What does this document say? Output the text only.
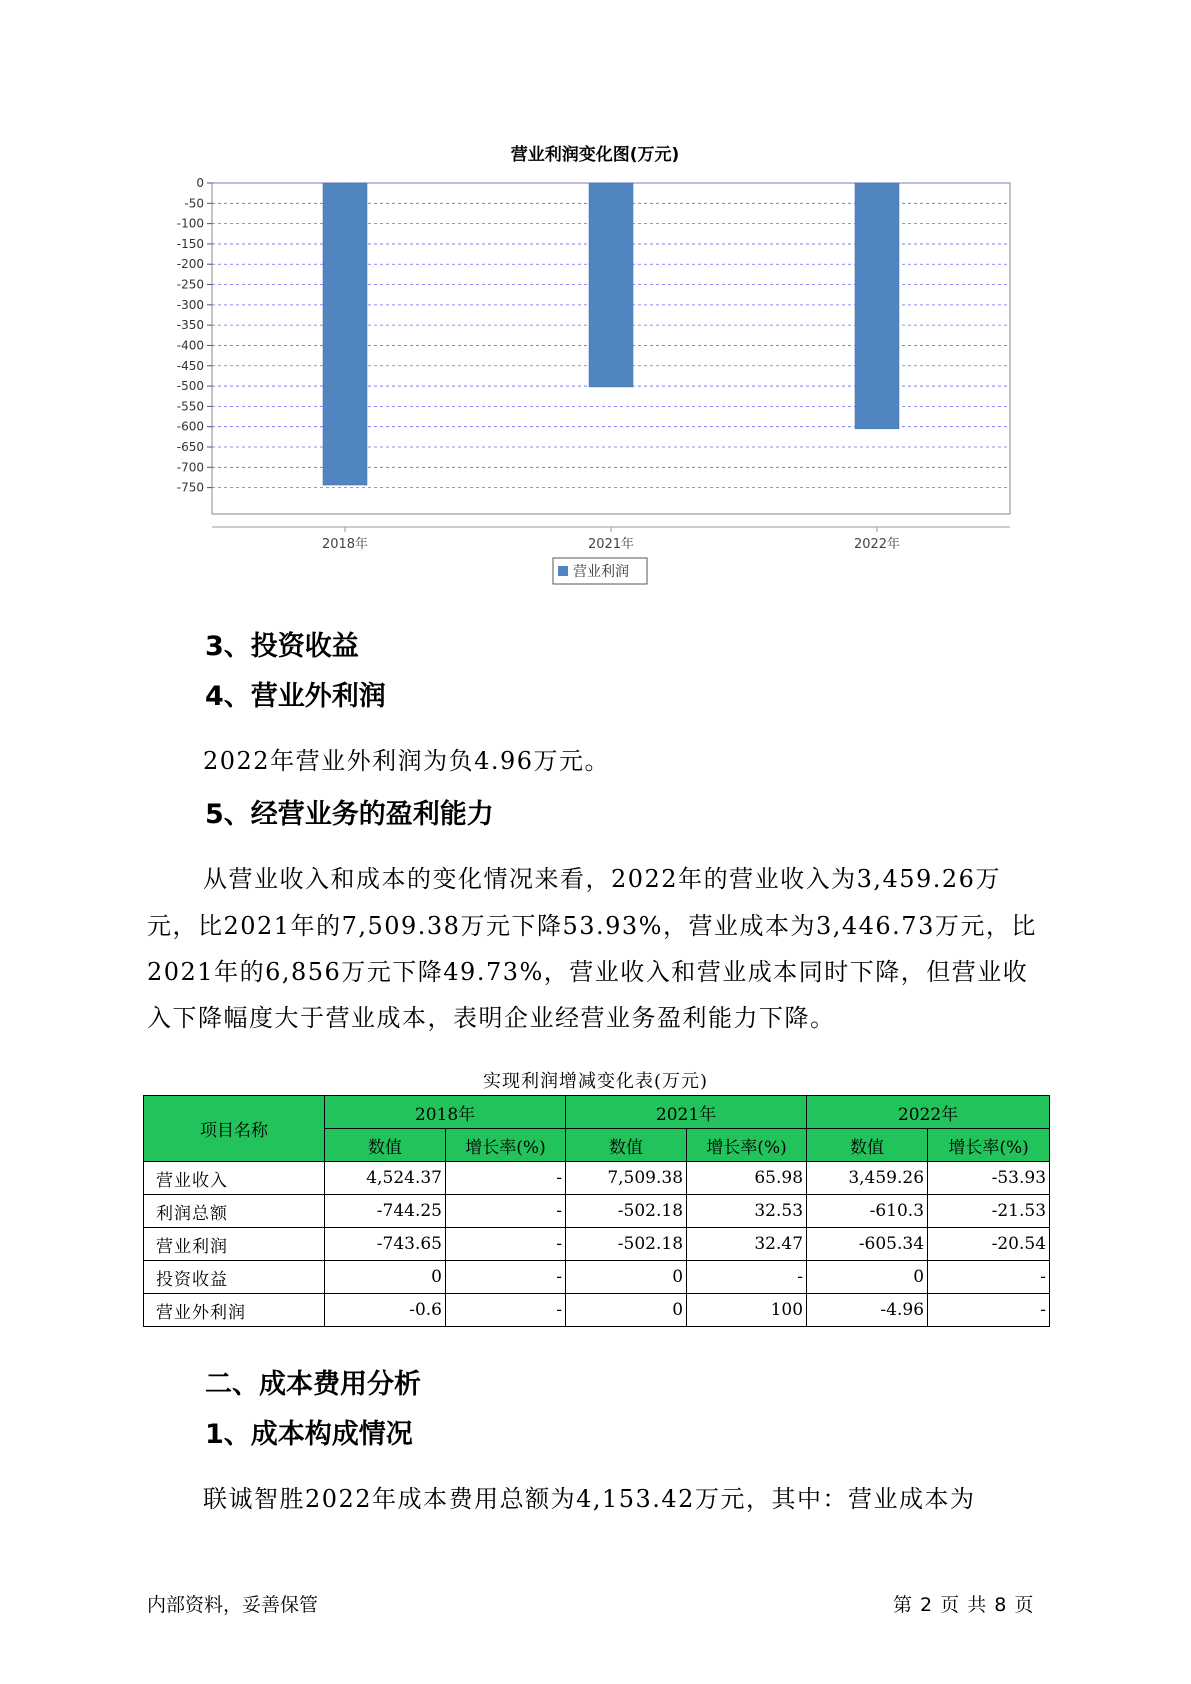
营业利润变化图(万元)
0
-50
-100
-150
-200
-250
-300
-350
-400
-450
-500
-550
-600
-650
-700
-750
2018年	2021年	2022年
营业利润
3、投资收益
4、营业外利润
2022年营业外利润为负4.96万元。
5、经营业务的盈利能力
从营业收入和成本的变化情况来看，2022年的营业收入为3,459.26万
元，比2021年的7,509.38万元下降53.93%，营业成本为3,446.73万元，比
2021年的6,856万元下降49.73%，营业收入和营业成本同时下降，但营业收
入下降幅度大于营业成本，表明企业经营业务盈利能力下降。
实现利润增减变化表(万元)
项目名称	2018年		2021年		2022年	
	数值	增长率(%)	数值	增长率(%)	数值	增长率(%)
营业收入	4,524.37	-	7,509.38	65.98	3,459.26	-53.93
利润总额	-744.25	-	-502.18	32.53	-610.3	-21.53
营业利润	-743.65	-	-502.18	32.47	-605.34	-20.54
投资收益	0	-	0	-	0	-
营业外利润	-0.6	-	0	100	-4.96	-
二、成本费用分析
1、成本构成情况
联诚智胜2022年成本费用总额为4,153.42万元，其中：营业成本为
内部资料，妥善保管	第 2 页 共 8 页
